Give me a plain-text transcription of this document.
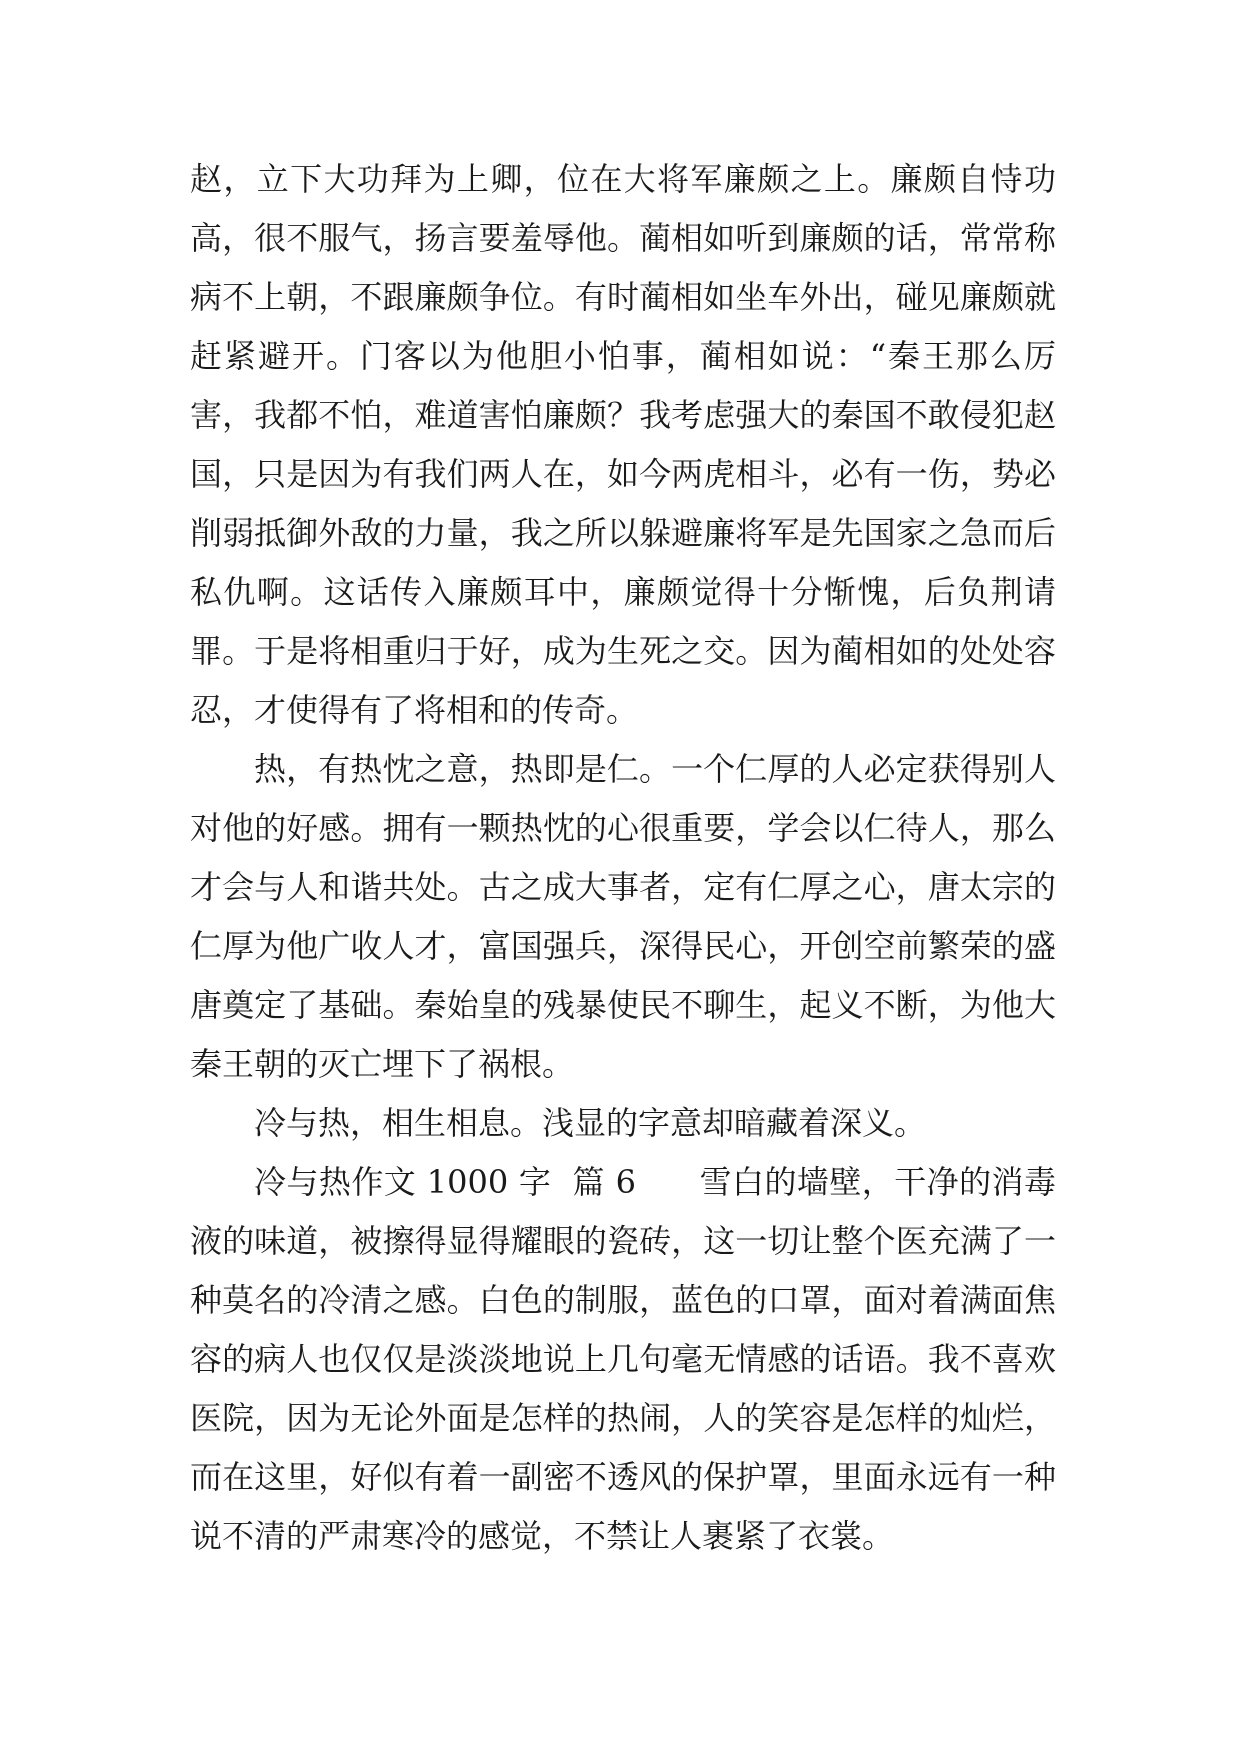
赵，立下大功拜为上卿，位在大将军廉颇之上。廉颇自恃功高，很不服气，扬言要羞辱他。蔺相如听到廉颇的话，常常称病不上朝，不跟廉颇争位。有时蔺相如坐车外出，碰见廉颇就赶紧避开。门客以为他胆小怕事，蔺相如说：“秦王那么厉害，我都不怕，难道害怕廉颇？我考虑强大的秦国不敢侵犯赵国，只是因为有我们两人在，如今两虎相斗，必有一伤，势必削弱抵御外敌的力量，我之所以躲避廉将军是先国家之急而后私仇啊。这话传入廉颇耳中，廉颇觉得十分惭愧，后负荆请罪。于是将相重归于好，成为生死之交。因为蔺相如的处处容忍，才使得有了将相和的传奇。

热，有热忱之意，热即是仁。一个仁厚的人必定获得别人对他的好感。拥有一颗热忱的心很重要，学会以仁待人，那么才会与人和谐共处。古之成大事者，定有仁厚之心，唐太宗的仁厚为他广收人才，富国强兵，深得民心，开创空前繁荣的盛唐奠定了基础。秦始皇的残暴使民不聊生，起义不断，为他大秦王朝的灭亡埋下了祸根。

冷与热，相生相息。浅显的字意却暗藏着深义。

冷与热作文 1000 字  篇 6      雪白的墙壁，干净的消毒液的味道，被擦得显得耀眼的瓷砖，这一切让整个医充满了一种莫名的冷清之感。白色的制服，蓝色的口罩，面对着满面焦容的病人也仅仅是淡淡地说上几句毫无情感的话语。我不喜欢医院，因为无论外面是怎样的热闹，人的笑容是怎样的灿烂，而在这里，好似有着一副密不透风的保护罩，里面永远有一种说不清的严肃寒冷的感觉，不禁让人裹紧了衣裳。
